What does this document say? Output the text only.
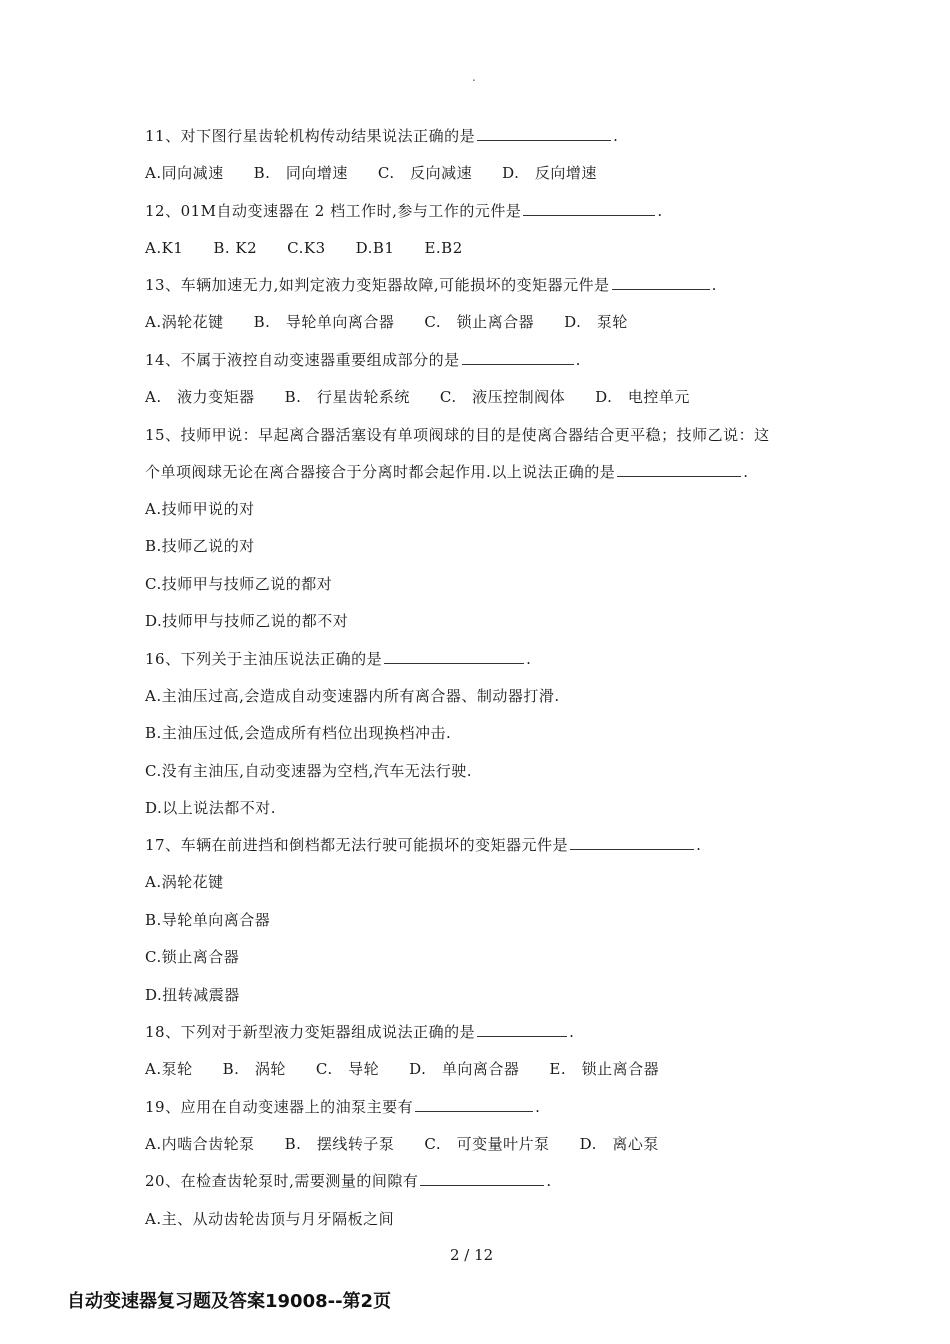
.
11、对下图行星齿轮机构传动结果说法正确的是	.
A.同向减速 B.　同向增速 C.　反向减速 D.　反向增速
12、01M自动变速器在 2 档工作时,参与工作的元件是	.
A.K1 B. K2 C.K3 D.B1 E.B2
13、车辆加速无力,如判定液力变矩器故障,可能损坏的变矩器元件是	.
A.涡轮花键 B.　导轮单向离合器 C.　锁止离合器 D.　泵轮
14、不属于液控自动变速器重要组成部分的是	.
A.　液力变矩器 B.　行星齿轮系统 C.　液压控制阀体 D.　电控单元
15、技师甲说：早起离合器活塞设有单项阀球的目的是使离合器结合更平稳；技师乙说：这
个单项阀球无论在离合器接合于分离时都会起作用.以上说法正确的是	.
A.技师甲说的对
B.技师乙说的对
C.技师甲与技师乙说的都对
D.技师甲与技师乙说的都不对
16、下列关于主油压说法正确的是	.
A.主油压过高,会造成自动变速器内所有离合器、制动器打滑.
B.主油压过低,会造成所有档位出现换档冲击.
C.没有主油压,自动变速器为空档,汽车无法行驶.
D.以上说法都不对.
17、车辆在前进挡和倒档都无法行驶可能损坏的变矩器元件是	.
A.涡轮花键
B.导轮单向离合器
C.锁止离合器
D.扭转减震器
18、下列对于新型液力变矩器组成说法正确的是	.
A.泵轮 B.　涡轮 C.　导轮 D.　单向离合器 E.　锁止离合器
19、应用在自动变速器上的油泵主要有	.
A.内啮合齿轮泵 B.　摆线转子泵 C.　可变量叶片泵 D.　离心泵
20、在检查齿轮泵时,需要测量的间隙有	.
A.主、从动齿轮齿顶与月牙隔板之间
2 / 12
自动变速器复习题及答案19008--第2页
